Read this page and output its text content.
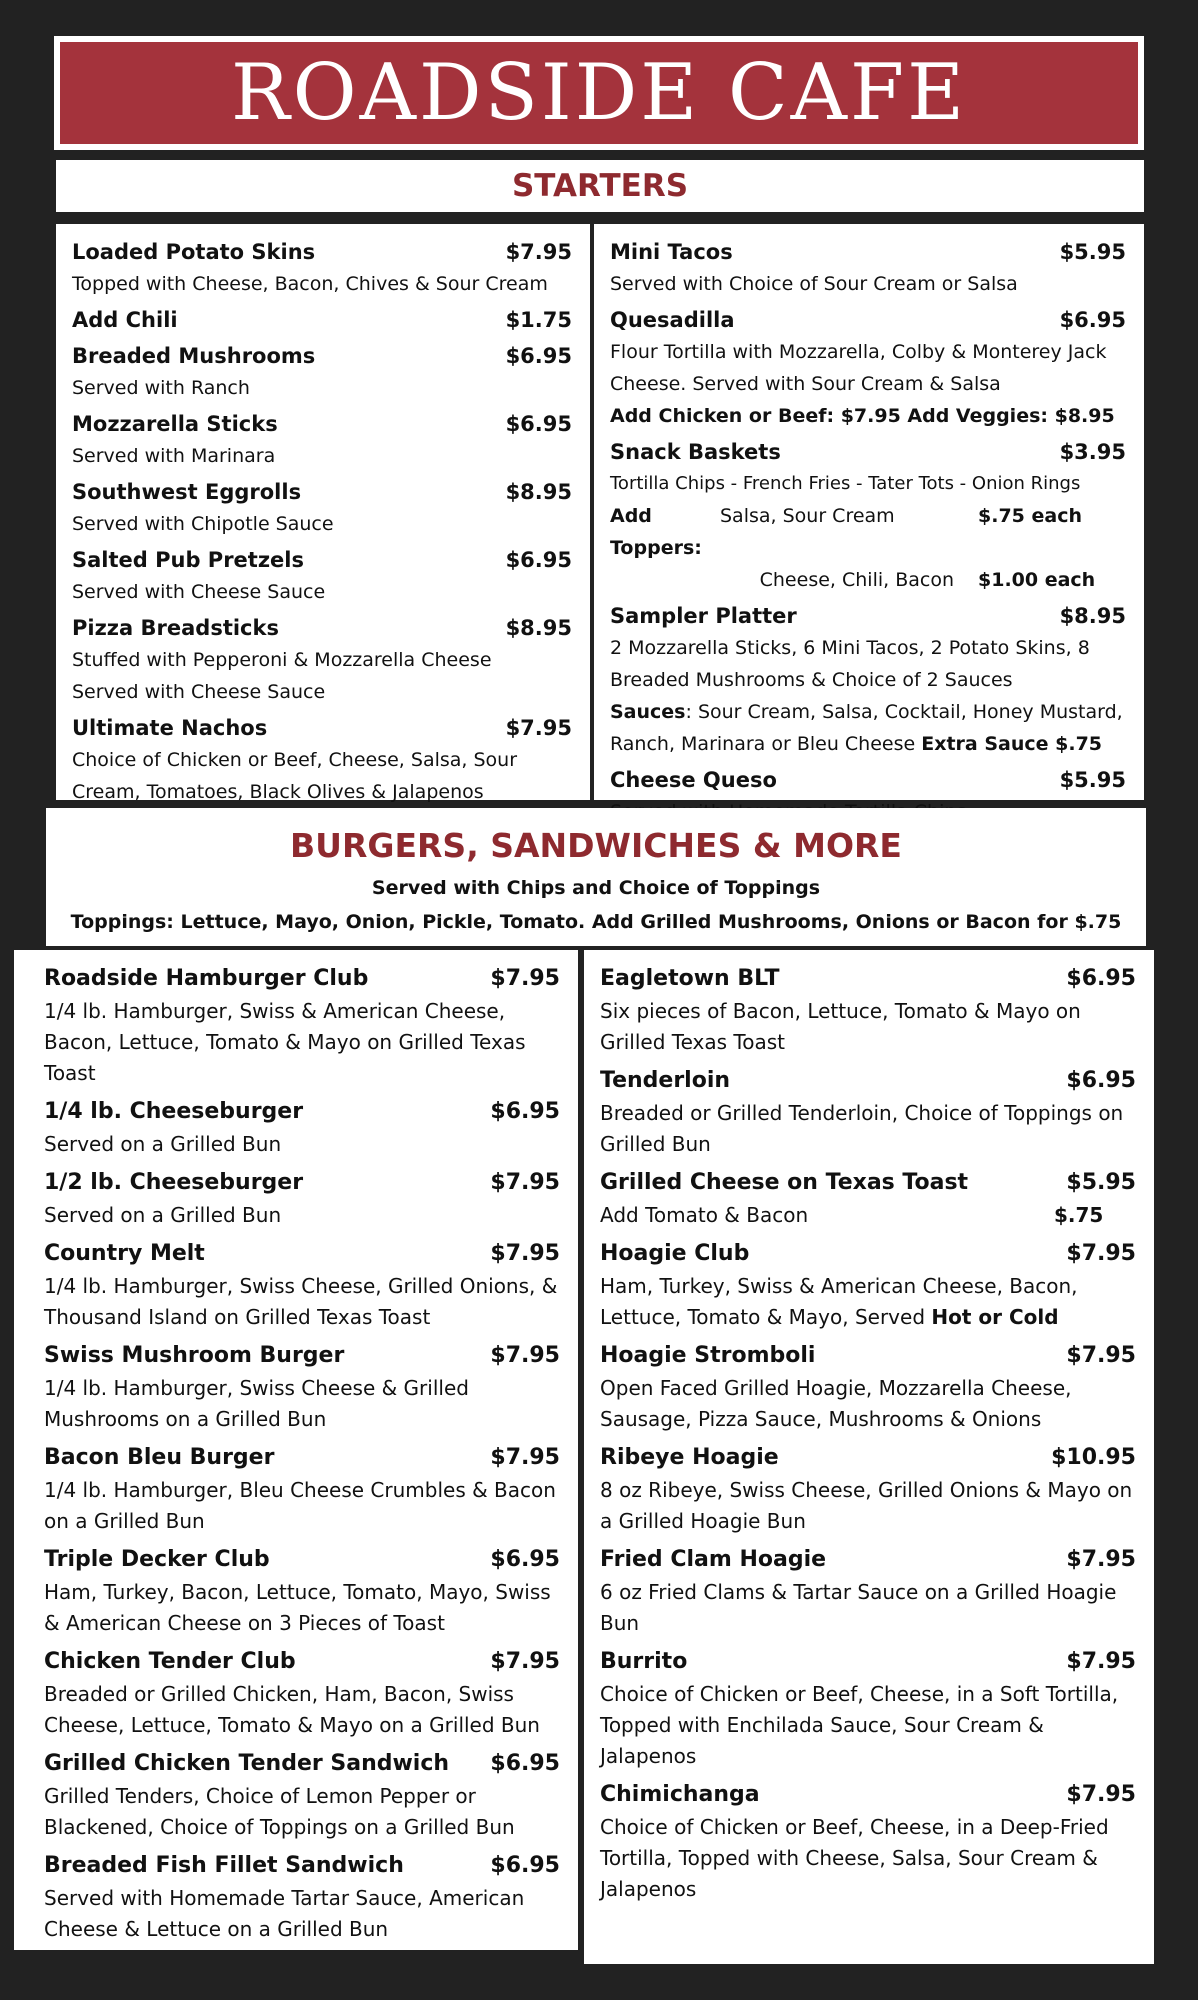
ROADSIDE CAFE
STARTERS
Loaded Potato Skins	$7.95
Topped with Cheese, Bacon, Chives & Sour Cream
Add Chili	$1.75
Breaded Mushrooms	$6.95
Served with Ranch
Mozzarella Sticks	$6.95
Served with Marinara
Southwest Eggrolls	$8.95
Served with Chipotle Sauce
Salted Pub Pretzels	$6.95
Served with Cheese Sauce
Pizza Breadsticks	$8.95
Stuffed with Pepperoni & Mozzarella Cheese
Served with Cheese Sauce
Ultimate Nachos	$7.95
Choice of Chicken or Beef, Cheese, Salsa, Sour Cream, Tomatoes, Black Olives & Jalapenos
Mini Tacos	$5.95
Served with Choice of Sour Cream or Salsa
Quesadilla	$6.95
Flour Tortilla with Mozzarella, Colby & Monterey Jack Cheese. Served with Sour Cream & Salsa
Add Chicken or Beef: $7.95 Add Veggies: $8.95
Snack Baskets	$3.95
Tortilla Chips - French Fries - Tater Tots - Onion Rings
Add Toppers:
Salsa, Sour Cream	$.75 each
Cheese, Chili, Bacon	$1.00 each
Sampler Platter	$8.95
2 Mozzarella Sticks, 6 Mini Tacos, 2 Potato Skins, 8 Breaded Mushrooms & Choice of 2 Sauces
Sauces: Sour Cream, Salsa, Cocktail, Honey Mustard, Ranch, Marinara or Bleu Cheese Extra Sauce $.75
Cheese Queso	$5.95
BURGERS, SANDWICHES & MORE
Served with Chips and Choice of Toppings
Toppings: Lettuce, Mayo, Onion, Pickle, Tomato. Add Grilled Mushrooms, Onions or Bacon for $.75
Roadside Hamburger Club	$7.95
1/4 lb. Hamburger, Swiss & American Cheese, Bacon, Lettuce, Tomato & Mayo on Grilled Texas Toast
1/4 lb. Cheeseburger	$6.95
Served on a Grilled Bun
1/2 lb. Cheeseburger	$7.95
Served on a Grilled Bun
Country Melt	$7.95
1/4 lb. Hamburger, Swiss Cheese, Grilled Onions, & Thousand Island on Grilled Texas Toast
Swiss Mushroom Burger	$7.95
1/4 lb. Hamburger, Swiss Cheese & Grilled Mushrooms on a Grilled Bun
Bacon Bleu Burger	$7.95
1/4 lb. Hamburger, Bleu Cheese Crumbles & Bacon on a Grilled Bun
Triple Decker Club	$6.95
Ham, Turkey, Bacon, Lettuce, Tomato, Mayo, Swiss & American Cheese on 3 Pieces of Toast
Chicken Tender Club	$7.95
Breaded or Grilled Chicken, Ham, Bacon, Swiss Cheese, Lettuce, Tomato & Mayo on a Grilled Bun
Grilled Chicken Tender Sandwich $6.95
Grilled Tenders, Choice of Lemon Pepper or Blackened, Choice of Toppings on a Grilled Bun
Breaded Fish Fillet Sandwich	$6.95
Served with Homemade Tartar Sauce, American Cheese & Lettuce on a Grilled Bun
Eagletown BLT	$6.95
Six pieces of Bacon, Lettuce, Tomato & Mayo on Grilled Texas Toast
Tenderloin	$6.95
Breaded or Grilled Tenderloin, Choice of Toppings on Grilled Bun
Grilled Cheese on Texas Toast	$5.95
Add Tomato & Bacon	$.75
Hoagie Club	$7.95
Ham, Turkey, Swiss & American Cheese, Bacon, Lettuce, Tomato & Mayo, Served Hot or Cold
Hoagie Stromboli	$7.95
Open Faced Grilled Hoagie, Mozzarella Cheese, Sausage, Pizza Sauce, Mushrooms & Onions
Ribeye Hoagie	$10.95
8 oz Ribeye, Swiss Cheese, Grilled Onions & Mayo on a Grilled Hoagie Bun
Fried Clam Hoagie	$7.95
6 oz Fried Clams & Tartar Sauce on a Grilled Hoagie Bun
Burrito	$7.95
Choice of Chicken or Beef, Cheese, in a Soft Tortilla, Topped with Enchilada Sauce, Sour Cream & Jalapenos
Chimichanga	$7.95
Choice of Chicken or Beef, Cheese, in a Deep-Fried Tortilla, Topped with Cheese, Salsa, Sour Cream & Jalapenos
